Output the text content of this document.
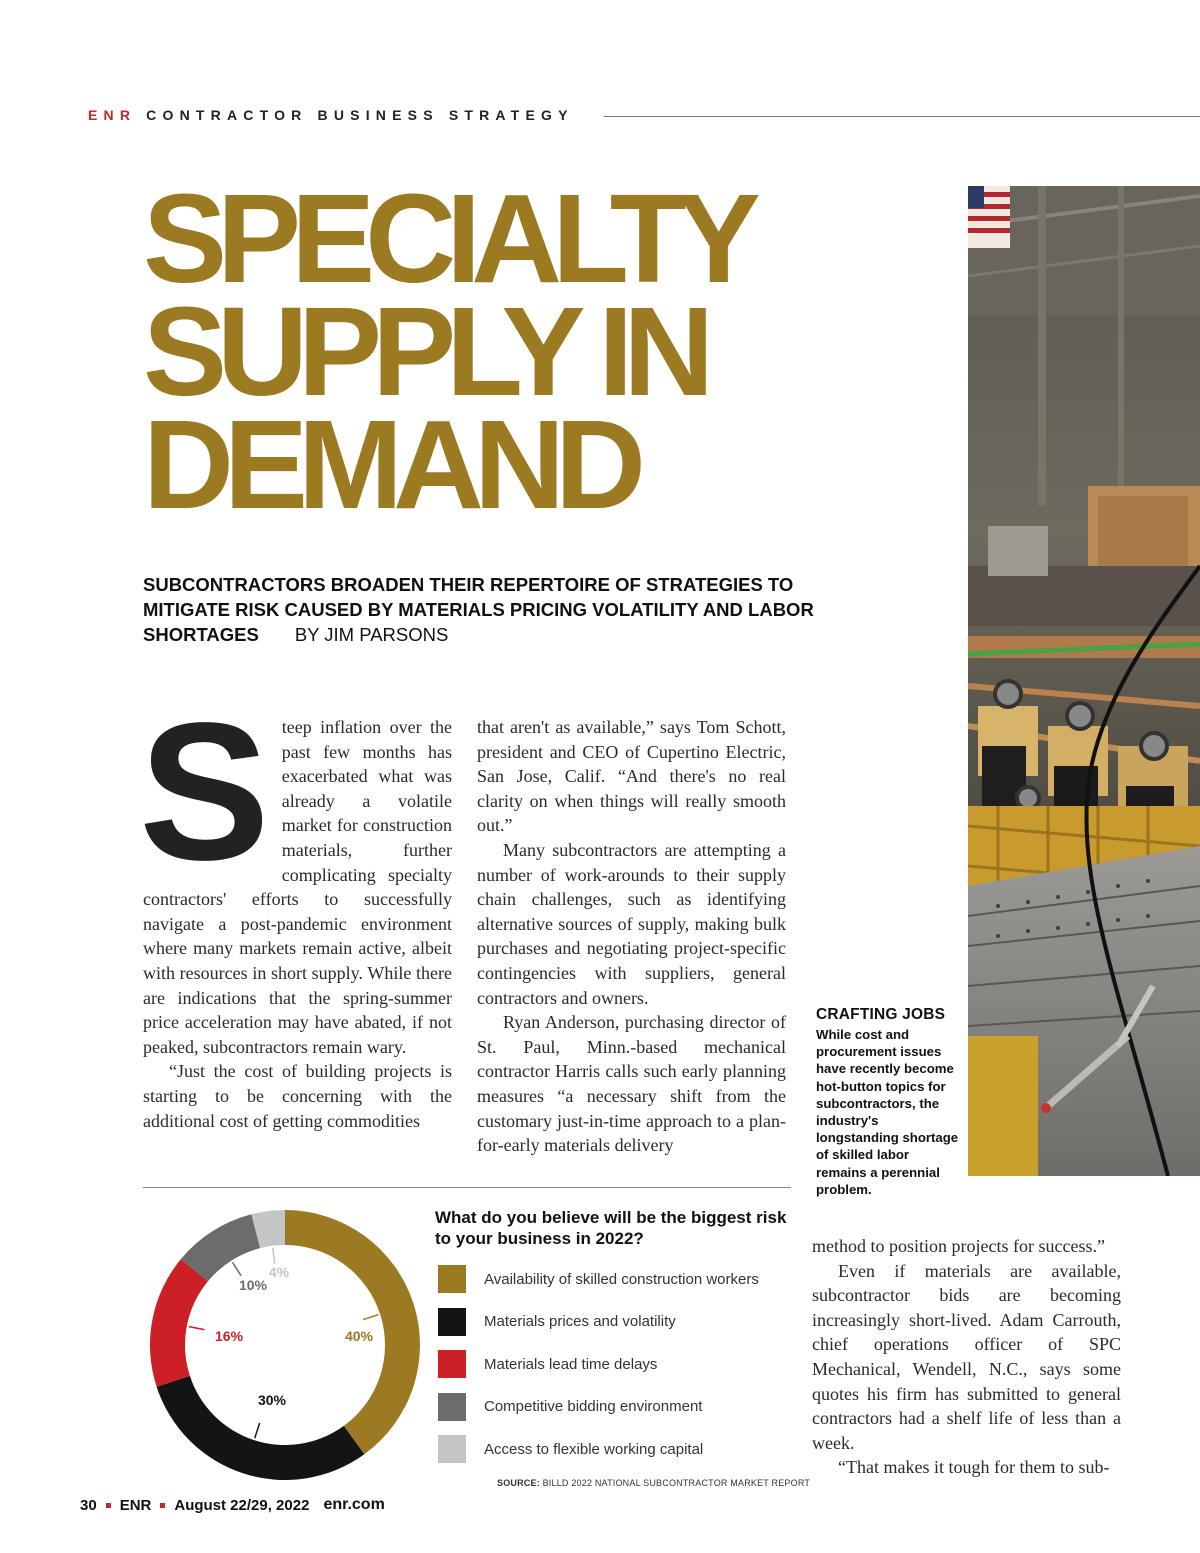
ENR CONTRACTOR BUSINESS STRATEGY
SPECIALTY
SUPPLY IN
DEMAND
SUBCONTRACTORS BROADEN THEIR REPERTOIRE OF STRATEGIES TO MITIGATE RISK CAUSED BY MATERIALS PRICING VOLATILITY AND LABOR SHORTAGES BY JIM PARSONS

Steep inflation over the past few months has exacerbated what was already a volatile market for construction materials, further complicating specialty contractors' efforts to successfully navigate a post-pandemic environment where many markets remain active, albeit with resources in short supply. While there are indications that the spring-summer price acceleration may have abated, if not peaked, subcontractors remain wary.

“Just the cost of building projects is starting to be concerning with the additional cost of getting commodities

that aren't as available,” says Tom Schott, president and CEO of Cupertino Electric, San Jose, Calif. “And there's no real clarity on when things will really smooth out.”

Many subcontractors are attempting a number of work-arounds to their supply chain challenges, such as identifying alternative sources of supply, making bulk purchases and negotiating project-specific contingencies with suppliers, general contractors and owners.

Ryan Anderson, purchasing director of St. Paul, Minn.-based mechanical contractor Harris calls such early planning measures “a necessary shift from the customary just-in-time approach to a plan-for-early materials delivery

method to position projects for success.”

Even if materials are available, subcontractor bids are becoming increasingly short-lived. Adam Carrouth, chief operations officer of SPC Mechanical, Wendell, N.C., says some quotes his firm has submitted to general contractors had a shelf life of less than a week.

“That makes it tough for them to sub-

CRAFTING JOBS
While cost and procurement issues have recently become hot-button topics for subcontractors, the industry's longstanding shortage of skilled labor remains a perennial problem.
40%
30%
16%
10%
4%
What do you believe will be the biggest risk to your business in 2022?
Availability of skilled construction workers
Materials prices and volatility
Materials lead time delays
Competitive bidding environment
Access to flexible working capital
SOURCE: BILLD 2022 NATIONAL SUBCONTRACTOR MARKET REPORT
30 ENR August 22/29, 2022 enr.com
